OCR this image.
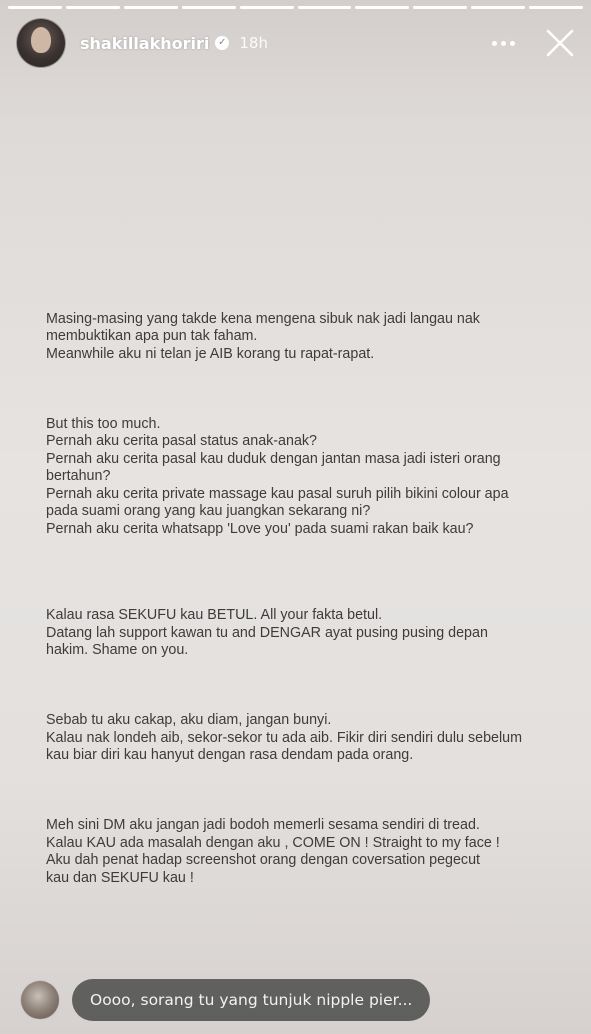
shakillakhoriri ✓ 18h

Masing-masing yang takde kena mengena sibuk nak jadi langau nak
membuktikan apa pun tak faham.
Meanwhile aku ni telan je AIB korang tu rapat-rapat.

But this too much.
Pernah aku cerita pasal status anak-anak?
Pernah aku cerita pasal kau duduk dengan jantan masa jadi isteri orang
bertahun?
Pernah aku cerita private massage kau pasal suruh pilih bikini colour apa
pada suami orang yang kau juangkan sekarang ni?
Pernah aku cerita whatsapp 'Love you' pada suami rakan baik kau?

Kalau rasa SEKUFU kau BETUL. All your fakta betul.
Datang lah support kawan tu and DENGAR ayat pusing pusing depan
hakim. Shame on you.

Sebab tu aku cakap, aku diam, jangan bunyi.
Kalau nak londeh aib, sekor-sekor tu ada aib. Fikir diri sendiri dulu sebelum
kau biar diri kau hanyut dengan rasa dendam pada orang.

Meh sini DM aku jangan jadi bodoh memerli sesama sendiri di tread.
Kalau KAU ada masalah dengan aku , COME ON ! Straight to my face !
Aku dah penat hadap screenshot orang dengan coversation pegecut
kau dan SEKUFU kau !

Oooo, sorang tu yang tunjuk nipple pier...
